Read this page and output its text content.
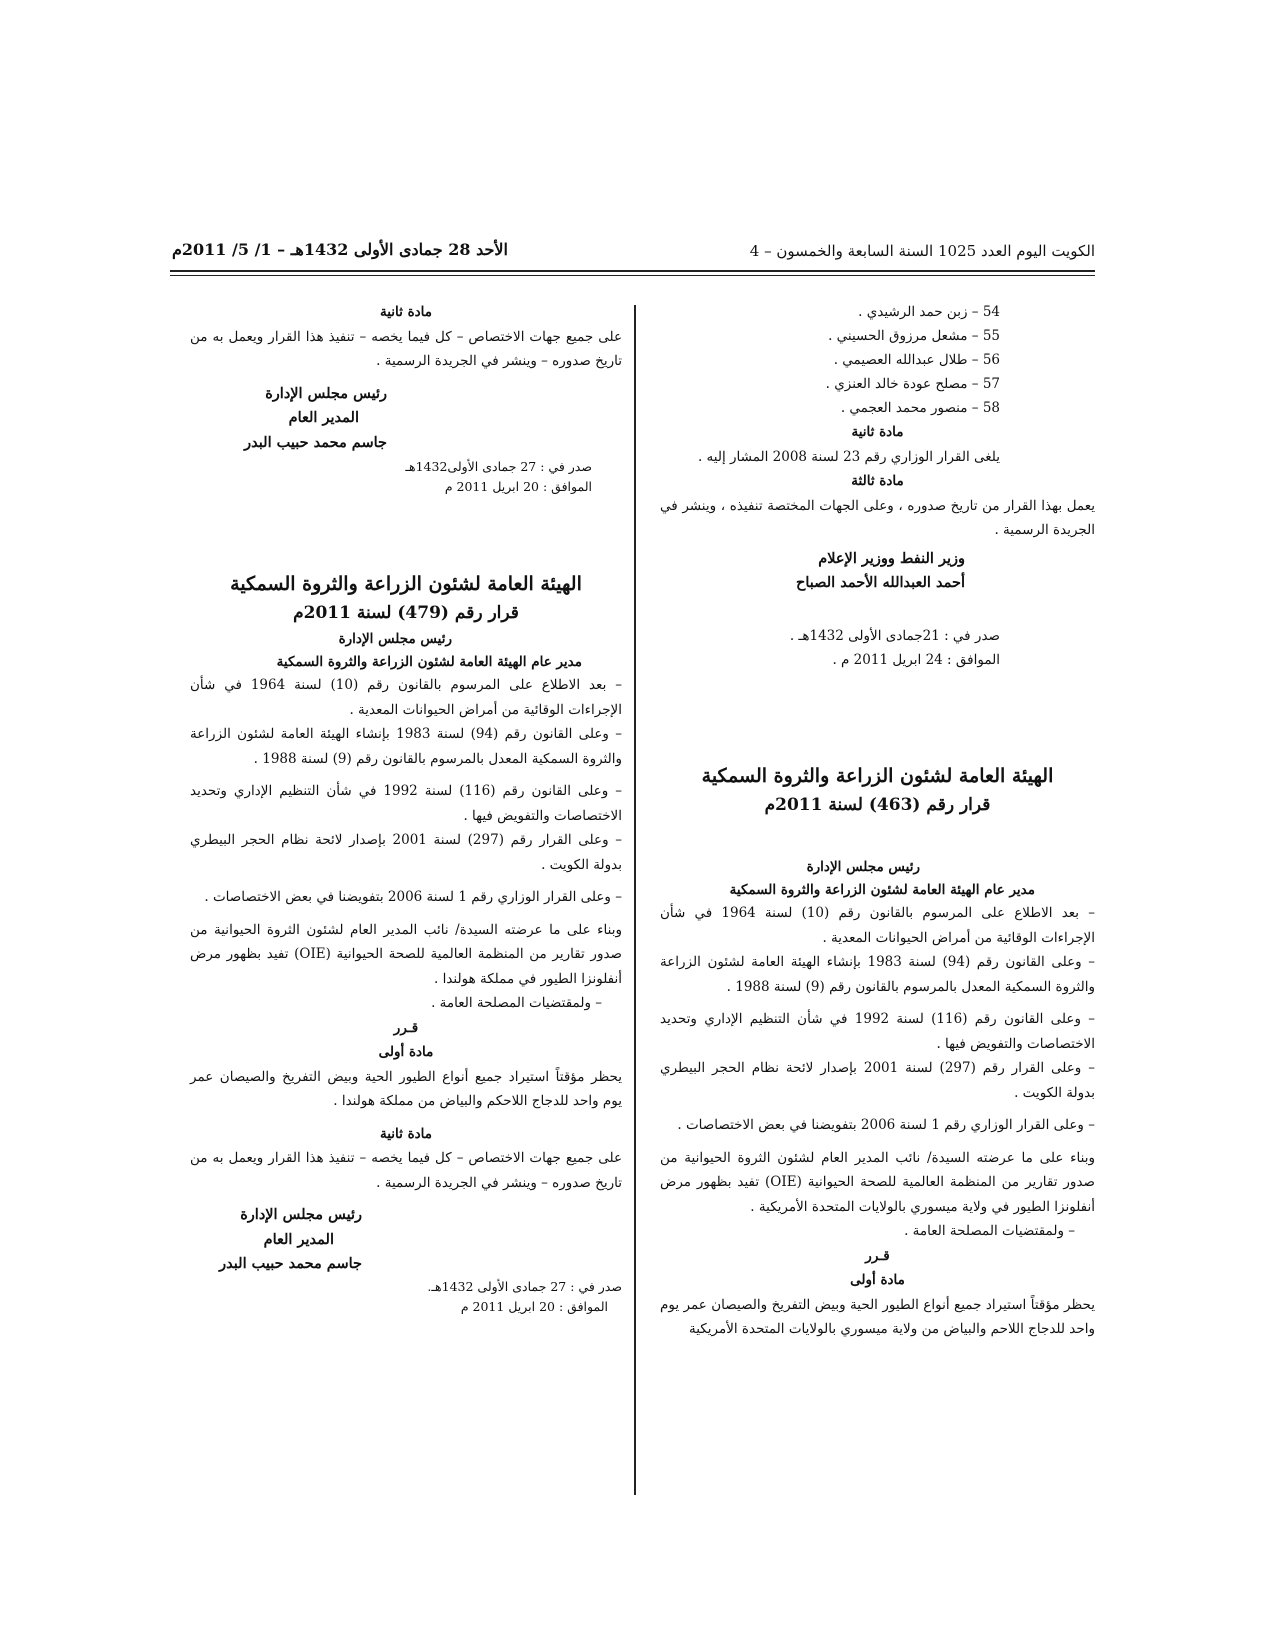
الكويت اليوم العدد 1025 السنة السابعة والخمسون – 4
الأحد 28 جمادى الأولى 1432هـ – 1/ 5/ 2011م
54 – زبن حمد الرشيدي .
55 – مشعل مرزوق الحسيني .
56 – طلال عبدالله العصيمي .
57 – مصلح عودة خالد العنزي .
58 – منصور محمد العجمي .
مادة ثانية
يلغى القرار الوزاري رقم 23 لسنة 2008 المشار إليه .
مادة ثالثة
يعمل بهذا القرار من تاريخ صدوره ، وعلى الجهات المختصة تنفيذه ، وينشر في الجريدة الرسمية .
وزير النفط ووزير الإعلام
أحمد العبدالله الأحمد الصباح
صدر في : 21جمادى الأولى 1432هـ .
الموافق : 24 ابريل 2011 م .
الهيئة العامة لشئون الزراعة والثروة السمكية
قرار رقم (463) لسنة 2011م
رئيس مجلس الإدارة
مدير عام الهيئة العامة لشئون الزراعة والثروة السمكية
– بعد الاطلاع على المرسوم بالقانون رقم (10) لسنة 1964 في شأن الإجراءات الوقائية من أمراض الحيوانات المعدية .
– وعلى القانون رقم (94) لسنة 1983 بإنشاء الهيئة العامة لشئون الزراعة والثروة السمكية المعدل بالمرسوم بالقانون رقم (9) لسنة 1988 .
– وعلى القانون رقم (116) لسنة 1992 في شأن التنظيم الإداري وتحديد الاختصاصات والتفويض فيها .
– وعلى القرار رقم (297) لسنة 2001 بإصدار لائحة نظام الحجر البيطري بدولة الكويت .
– وعلى القرار الوزاري رقم 1 لسنة 2006 بتفويضنا في بعض الاختصاصات .
وبناء على ما عرضته السيدة/ نائب المدير العام لشئون الثروة الحيوانية من صدور تقارير من المنظمة العالمية للصحة الحيوانية (OIE) تفيد بظهور مرض أنفلونزا الطيور في ولاية ميسوري بالولايات المتحدة الأمريكية .
– ولمقتضيات المصلحة العامة .
قـرر
مادة أولى
يحظر مؤقتاً استيراد جميع أنواع الطيور الحية وبيض التفريخ والصيصان عمر يوم واحد للدجاج اللاحم والبياض من ولاية ميسوري بالولايات المتحدة الأمريكية
مادة ثانية
على جميع جهات الاختصاص – كل فيما يخصه – تنفيذ هذا القرار ويعمل به من تاريخ صدوره – وينشر في الجريدة الرسمية .
رئيس مجلس الإدارة
المدير العام
جاسم محمد حبيب البدر
صدر في : 27 جمادى الأولى1432هـ
الموافق : 20 ابريل 2011 م
الهيئة العامة لشئون الزراعة والثروة السمكية
قرار رقم (479) لسنة 2011م
رئيس مجلس الإدارة
مدير عام الهيئة العامة لشئون الزراعة والثروة السمكية
– بعد الاطلاع على المرسوم بالقانون رقم (10) لسنة 1964 في شأن الإجراءات الوقائية من أمراض الحيوانات المعدية .
– وعلى القانون رقم (94) لسنة 1983 بإنشاء الهيئة العامة لشئون الزراعة والثروة السمكية المعدل بالمرسوم بالقانون رقم (9) لسنة 1988 .
– وعلى القانون رقم (116) لسنة 1992 في شأن التنظيم الإداري وتحديد الاختصاصات والتفويض فيها .
– وعلى القرار رقم (297) لسنة 2001 بإصدار لائحة نظام الحجر البيطري بدولة الكويت .
– وعلى القرار الوزاري رقم 1 لسنة 2006 بتفويضنا في بعض الاختصاصات .
وبناء على ما عرضته السيدة/ نائب المدير العام لشئون الثروة الحيوانية من صدور تقارير من المنظمة العالمية للصحة الحيوانية (OIE) تفيد بظهور مرض أنفلونزا الطيور في مملكة هولندا .
– ولمقتضيات المصلحة العامة .
قـرر
مادة أولى
يحظر مؤقتاً استيراد جميع أنواع الطيور الحية وبيض التفريخ والصيصان عمر يوم واحد للدجاج اللاحكم والبياض من مملكة هولندا .
مادة ثانية
على جميع جهات الاختصاص – كل فيما يخصه – تنفيذ هذا القرار ويعمل به من تاريخ صدوره – وينشر في الجريدة الرسمية .
رئيس مجلس الإدارة
المدير العام
جاسم محمد حبيب البدر
صدر في : 27 جمادى الأولى 1432هـ.
الموافق : 20 ابريل 2011 م
